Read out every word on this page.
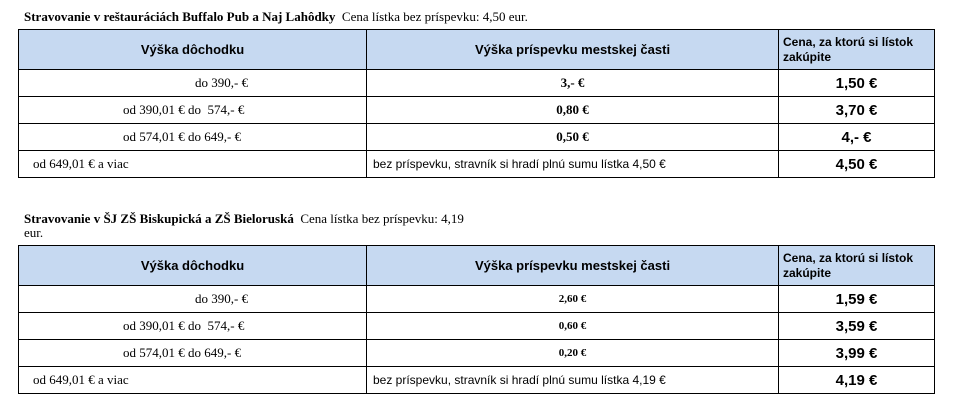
Stravovanie v reštauráciách Buffalo Pub a Naj Lahôdky  Cena lístka bez príspevku: 4,50 eur.
Výška dôchodku	Výška príspevku mestskej časti	Cena, za ktorú si lístok zakúpite
do 390,- €	3,- €	1,50 €
od 390,01 € do  574,- €	0,80 €	3,70 €
od 574,01 € do 649,- €	0,50 €	4,- €
od 649,01 € a viac	bez príspevku, stravník si hradí plnú sumu lístka 4,50 €	4,50 €
Stravovanie v ŠJ ZŠ Biskupická a ZŠ Bieloruská  Cena lístka bez príspevku: 4,19
eur.
Výška dôchodku	Výška príspevku mestskej časti	Cena, za ktorú si lístok zakúpite
do 390,- €	2,60 €	1,59 €
od 390,01 € do  574,- €	0,60 €	3,59 €
od 574,01 € do 649,- €	0,20 €	3,99 €
od 649,01 € a viac	bez príspevku, stravník si hradí plnú sumu lístka 4,19 €	4,19 €
